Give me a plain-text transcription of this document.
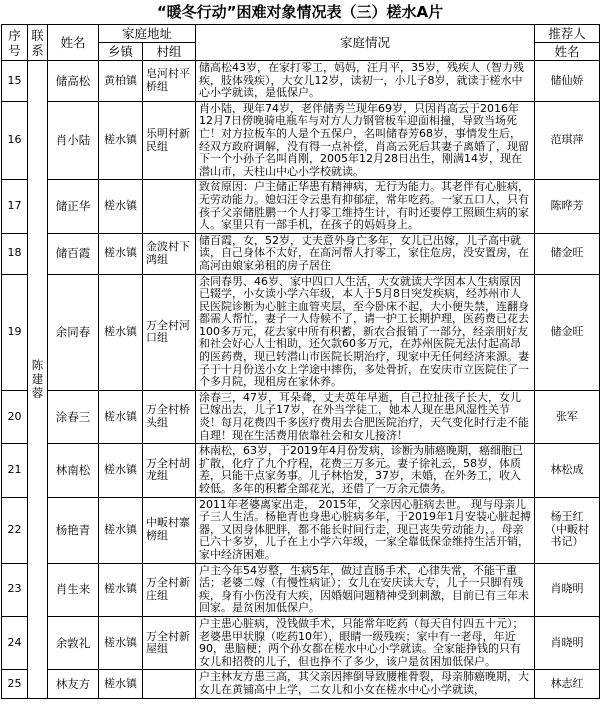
“暖冬行动”困难对象情况表（三）槎水A片
序号	联系	姓名	家庭地址		家庭情况	推荐人
			乡镇	村组		姓名
15	陈建蓉	储高松	黄柏镇	皂河村平桥组	储高松43岁，在家打零工，妈妈，汪月平，35岁，残疾人（智力残疾，肢体残疾），大女儿12岁，读初一，小儿子8岁，就读于槎水中心小学就读，是低保户。	储仙娇
16		肖小陆	槎水镇	乐明村新民组	肖小陆，现年74岁，老伴储秀兰现年69岁，只因肖高云于2016年12月7日傍晚骑电瓶车与对方人力钢管板车迎面相撞，导致当场死亡！对方拉板车的人是个五保户，名叫储春芳68岁，事情发生后，经双方政府调解，没有得一点补偿，肖高云死后其妻子离婚了，现留下一个小孙子名叫肖刚，2005年12月28日出生，刚满14岁，现在潜山市，天柱山中心小学校就读。	范琪萍
17		储正华	槎水镇		致贫原因：户主储正华患有精神病，无行为能力。其老伴有心脏病，无劳动能力。媳妇汪令云患有抑郁症，常年吃药。一家五口人，只有孩子父亲储胜鹏一个人打零工维持生计，有时还要停工照顾生病的家人。家里只有一部手机，在孩子的妈妈身上。	陈晔芳
18		储百霞	槎水镇	金波村下鸿组	储百霞，女，52岁，丈夫意外身亡多年，女儿已出嫁，儿子高中就读，自己身体不太好，在高河帮人打零工，家住危房，没安置房，在高河由娘家弟租的房子居住	储金旺
19		余同春	槎水镇	万全村河口组	余同春男、46岁、家中四口人生活，大女就读大学因本人生病原因已辍学，小女读小学六年级，本人于5月8日突发疾病，经苏州市人民医院诊断为心脏主血管夹层，至今卧床不起，大小便失禁，连翻身都需人帮忙，妻子一人侍候不了，请一护工长期护理，医药费已花去100多万元，花去家中所有积蓄，新农合报销了一部分，经亲朋好友和社会好心人士相助，还欠款60多万元，在苏州医院无法付起高昂的医药费，现已转潜山市医院长期治疗，现家中无任何经济来源。妻子于十月份送小女上学途中摔伤，多处骨折，在安庆市立医院住了一个多月院，现租房在家休养。	储金旺
20		涂春三	槎水镇	万全村桥头组	涂春三，47岁，耳朵聋，丈夫英年早逝，自己拉扯孩子长大，女儿已嫁出去，儿子17岁，在外当学徒工，她本人现在患风湿性关节炎！每月花费四千多医疗费用去合肥医院治疗，天气变化时行走不能自理！现在生活费用依靠社会和女儿接济！	张军
21		林南松	槎水镇	万全村胡龙组	林南松，63岁，于2019年4月份发病，诊断为肺癌晚期，癌细胞已扩散，化疗了九个疗程，花费三万多元。妻子徐礼云，58岁，体质差，只能干点家务事。儿子林怡发，37岁，未婚，在外务工，收入较低。多年的积蓄全部花光，还借了一万余元债务。	林松成
22		杨艳青	槎水镇	中畈村寨榜组	2011年老婆离家出走， 2015年，父亲因心脏病去世。 现与母亲儿子三人生活。杨艳青也身患心脏病多年，于2019年1月安装心脏起搏器，又因身体肥胖，都不能长时间行走，现已丧失劳动能力，。母亲已六十多岁，儿子在上小学六年级，一家全靠低保金维持生活开销，家中经济困难。	杨王红
（中畈村书记）

23		肖生来	槎水镇	万全村新庄组	户主今年54岁整，生病5年，做过直肠手术，心律失常，不能干重活；老婆二嫁（有慢性病证）；女儿在安庆读大专，儿子一只脚有残疾，身有小伤没有大疾，因婚姻问题精神受到刺激，目前已有三年未回家。是贫困加低保户。	肖晓明
24		余敦礼	槎水镇	万全村新屋组	户主患心脏病，没钱做手术，只能常年吃药（每天自付四五十元）；老婆患甲状腺（吃药10年），眼睛一级残疾；家中有一老母，年近90，患脑梗；两个孙女都在槎水中心小学就读。全家能挣钱的只有女儿和招赘的儿子，但也挣不了多少，该户是贫困加低保户。	肖晓明
25		林友方	槎水镇		户主林友方患三高，其父亲因摔倒导致腰椎骨裂，母亲肺癌晚期，大女儿在黄铺高中上学，二女儿和小女在槎水中心小学就读，	林志红
